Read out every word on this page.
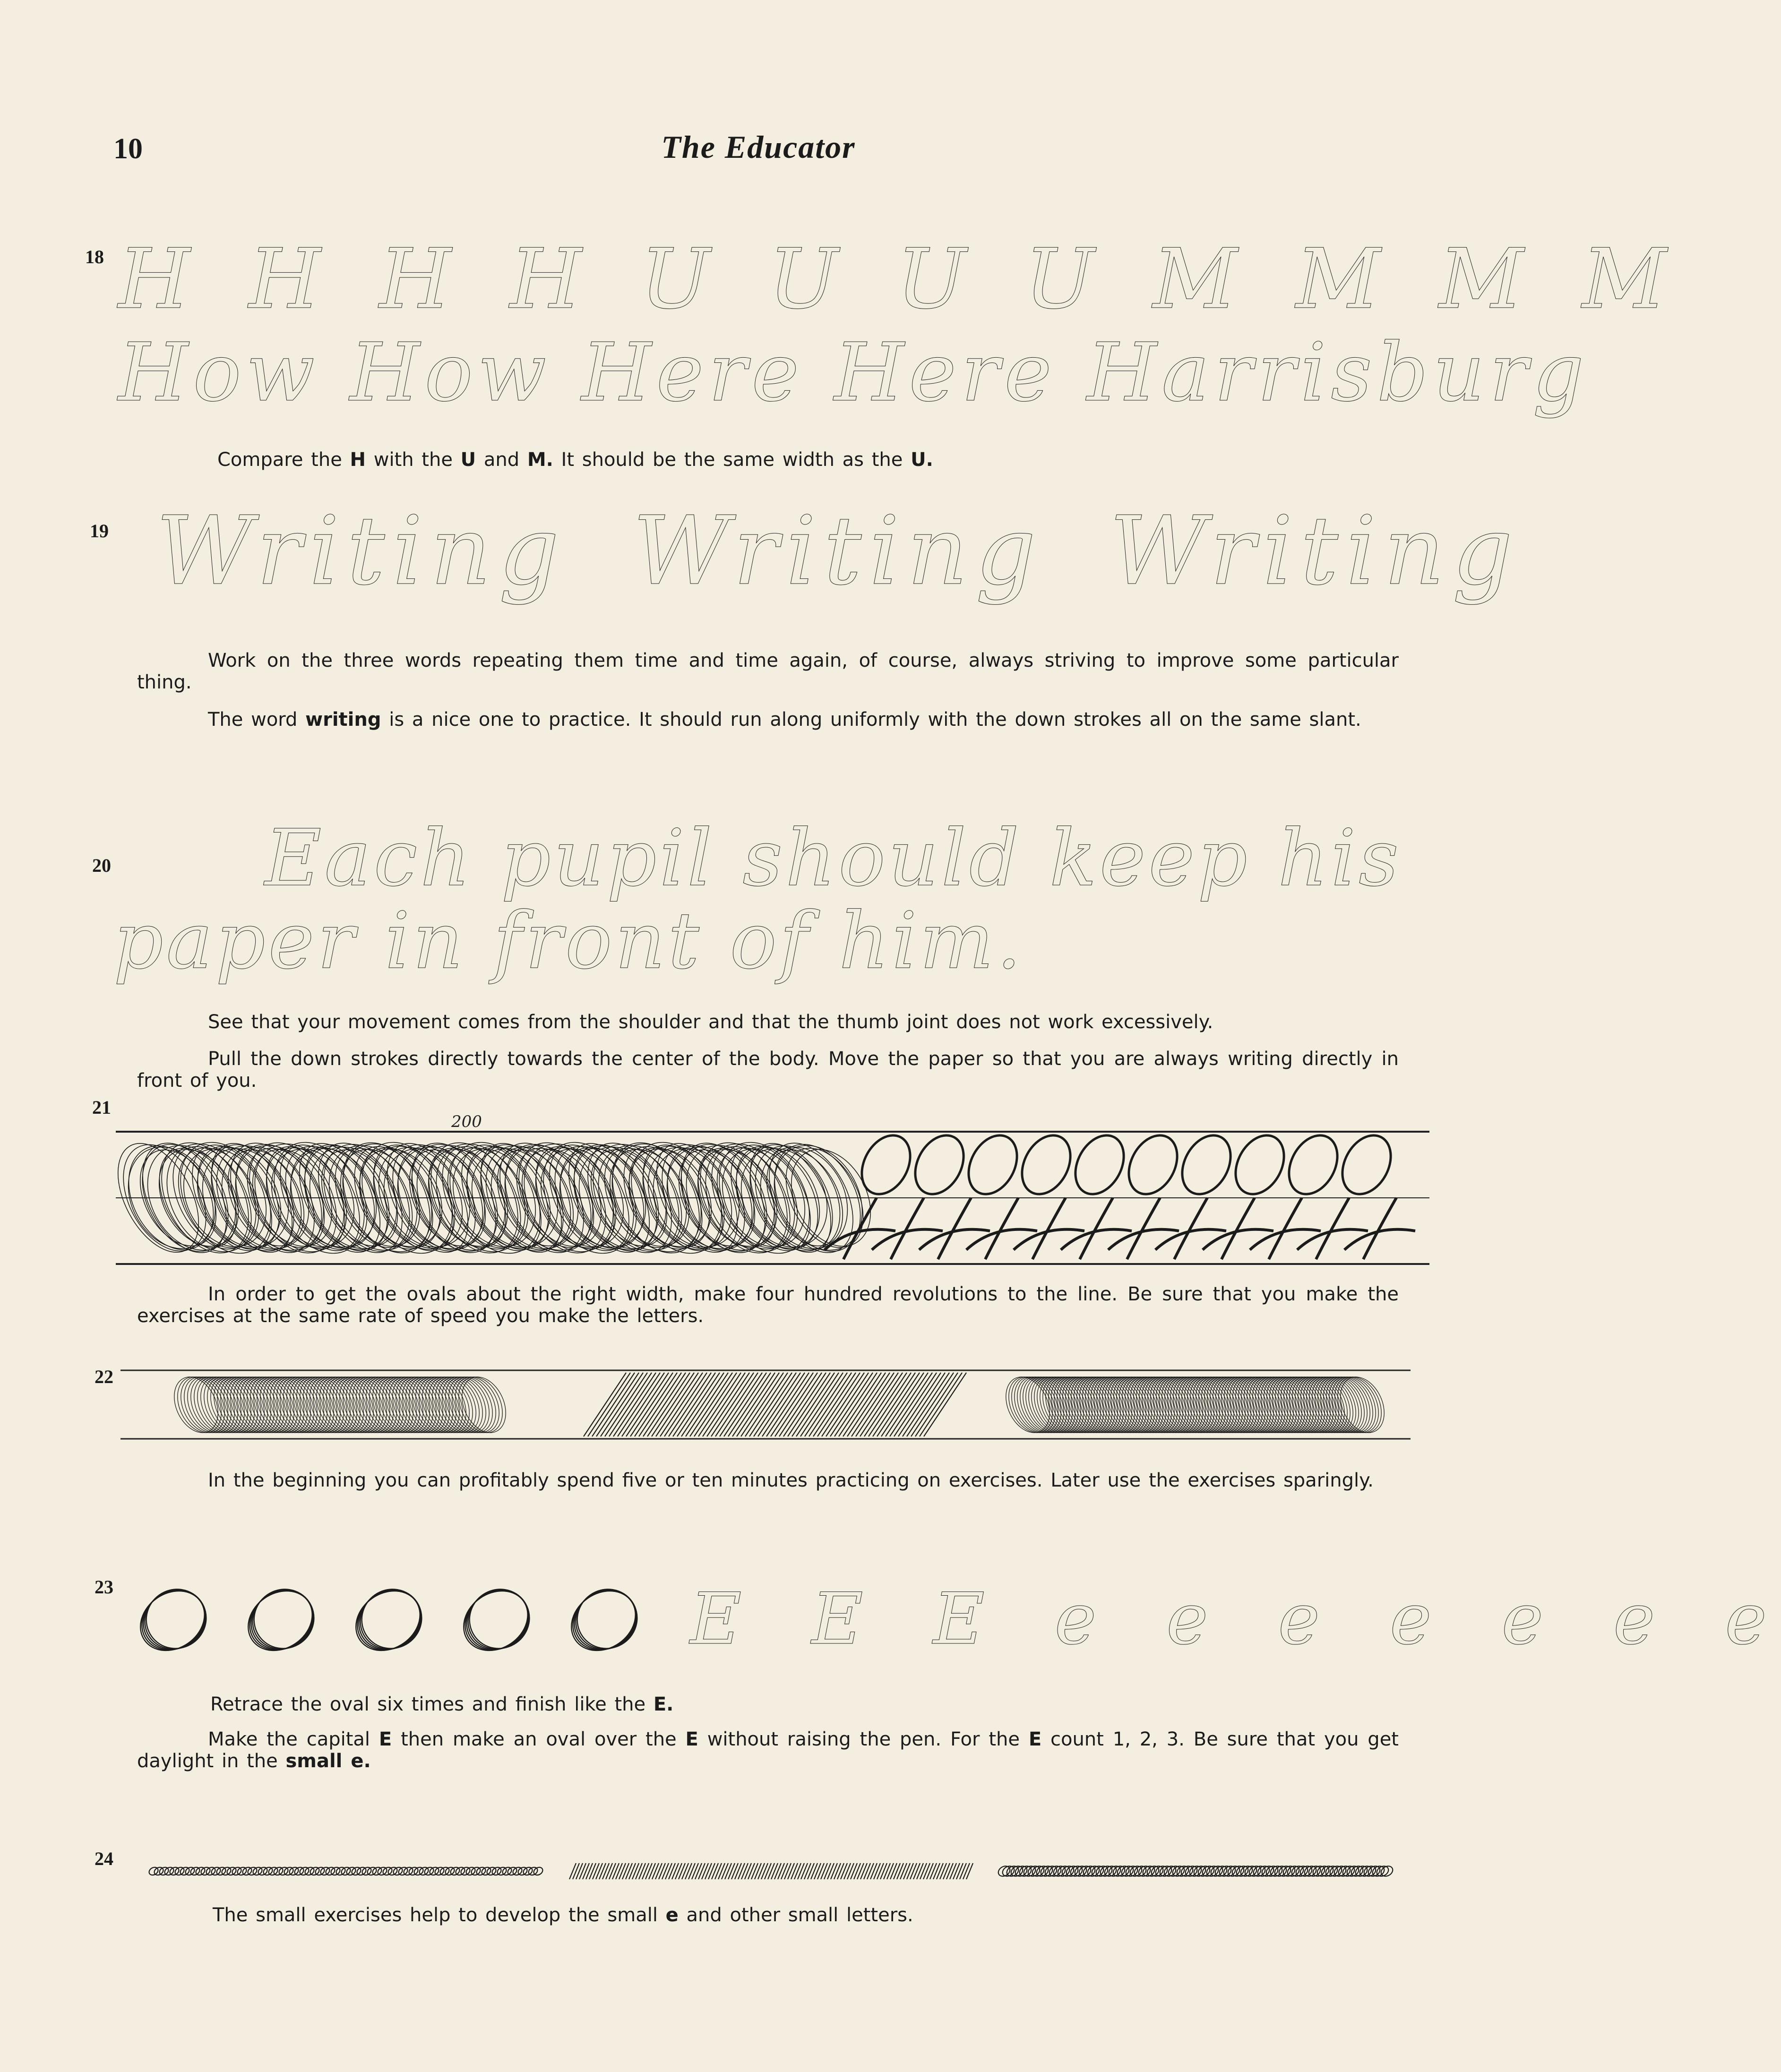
10	The Educator
18 H H H H U U U U M M M M
How How Here Here Harrisburg
Compare the H with the U and M. It should be the same width as the U.
19 Writing Writing Writing
Work on the three words repeating them time and time again, of course, always striving to improve some particular thing.
The word writing is a nice one to practice. It should run along uniformly with the down strokes all on the same slant.
20 Each pupil should keep his
paper in front of him.
See that your movement comes from the shoulder and that the thumb joint does not work excessively.
Pull the down strokes directly towards the center of the body. Move the paper so that you are always writing directly in front of you.
21
200
In order to get the ovals about the right width, make four hundred revolutions to the line. Be sure that you make the exercises at the same rate of speed you make the letters.
22
In the beginning you can profitably spend five or ten minutes practicing on exercises. Later use the exercises sparingly.
23	E E E e e e e e e e
Retrace the oval six times and finish like the E.
Make the capital E then make an oval over the E without raising the pen. For the E count 1, 2, 3. Be sure that you get daylight in the small e.
24
The small exercises help to develop the small e and other small letters.
